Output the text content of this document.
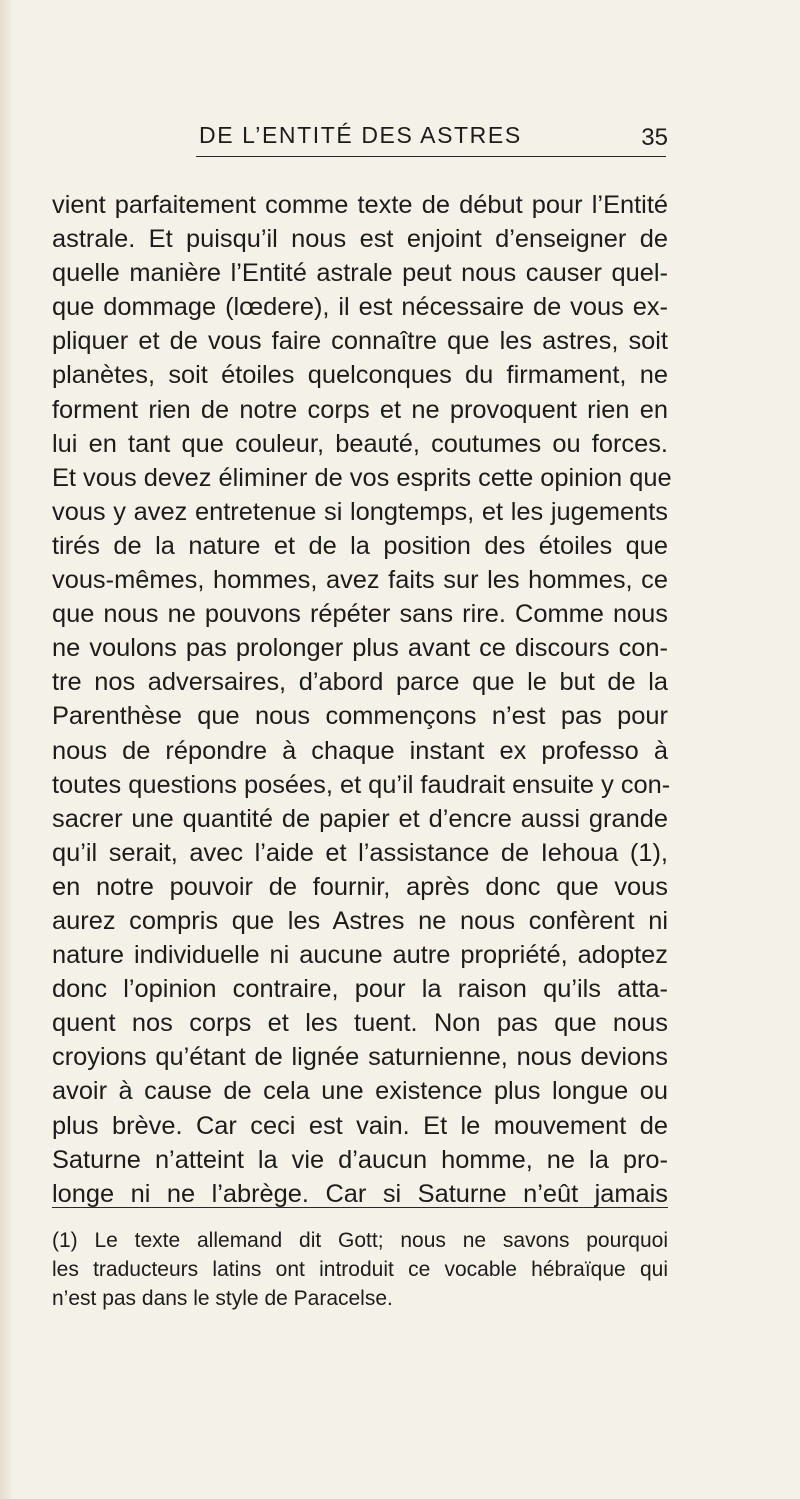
DE L’ENTITÉ DES ASTRES	35
vient parfaitement comme texte de début pour l’Entité
astrale. Et puisqu’il nous est enjoint d’enseigner de
quelle manière l’Entité astrale peut nous causer quel-
que dommage (lœdere), il est nécessaire de vous ex-
pliquer et de vous faire connaître que les astres, soit
planètes, soit étoiles quelconques du firmament, ne
forment rien de notre corps et ne provoquent rien en
lui en tant que couleur, beauté, coutumes ou forces.
Et vous devez éliminer de vos esprits cette opinion que
vous y avez entretenue si longtemps, et les jugements
tirés de la nature et de la position des étoiles que
vous-mêmes, hommes, avez faits sur les hommes, ce
que nous ne pouvons répéter sans rire. Comme nous
ne voulons pas prolonger plus avant ce discours con-
tre nos adversaires, d’abord parce que le but de la
Parenthèse que nous commençons n’est pas pour
nous de répondre à chaque instant ex professo à
toutes questions posées, et qu’il faudrait ensuite y con-
sacrer une quantité de papier et d’encre aussi grande
qu’il serait, avec l’aide et l’assistance de Iehoua (1),
en notre pouvoir de fournir, après donc que vous
aurez compris que les Astres ne nous confèrent ni
nature individuelle ni aucune autre propriété, adoptez
donc l’opinion contraire, pour la raison qu’ils atta-
quent nos corps et les tuent. Non pas que nous
croyions qu’étant de lignée saturnienne, nous devions
avoir à cause de cela une existence plus longue ou
plus brève. Car ceci est vain. Et le mouvement de
Saturne n’atteint la vie d’aucun homme, ne la pro-
longe ni ne l’abrège. Car si Saturne n’eût jamais
(1) Le texte allemand dit Gott; nous ne savons pourquoi
les traducteurs latins ont introduit ce vocable hébraïque qui
n’est pas dans le style de Paracelse.
